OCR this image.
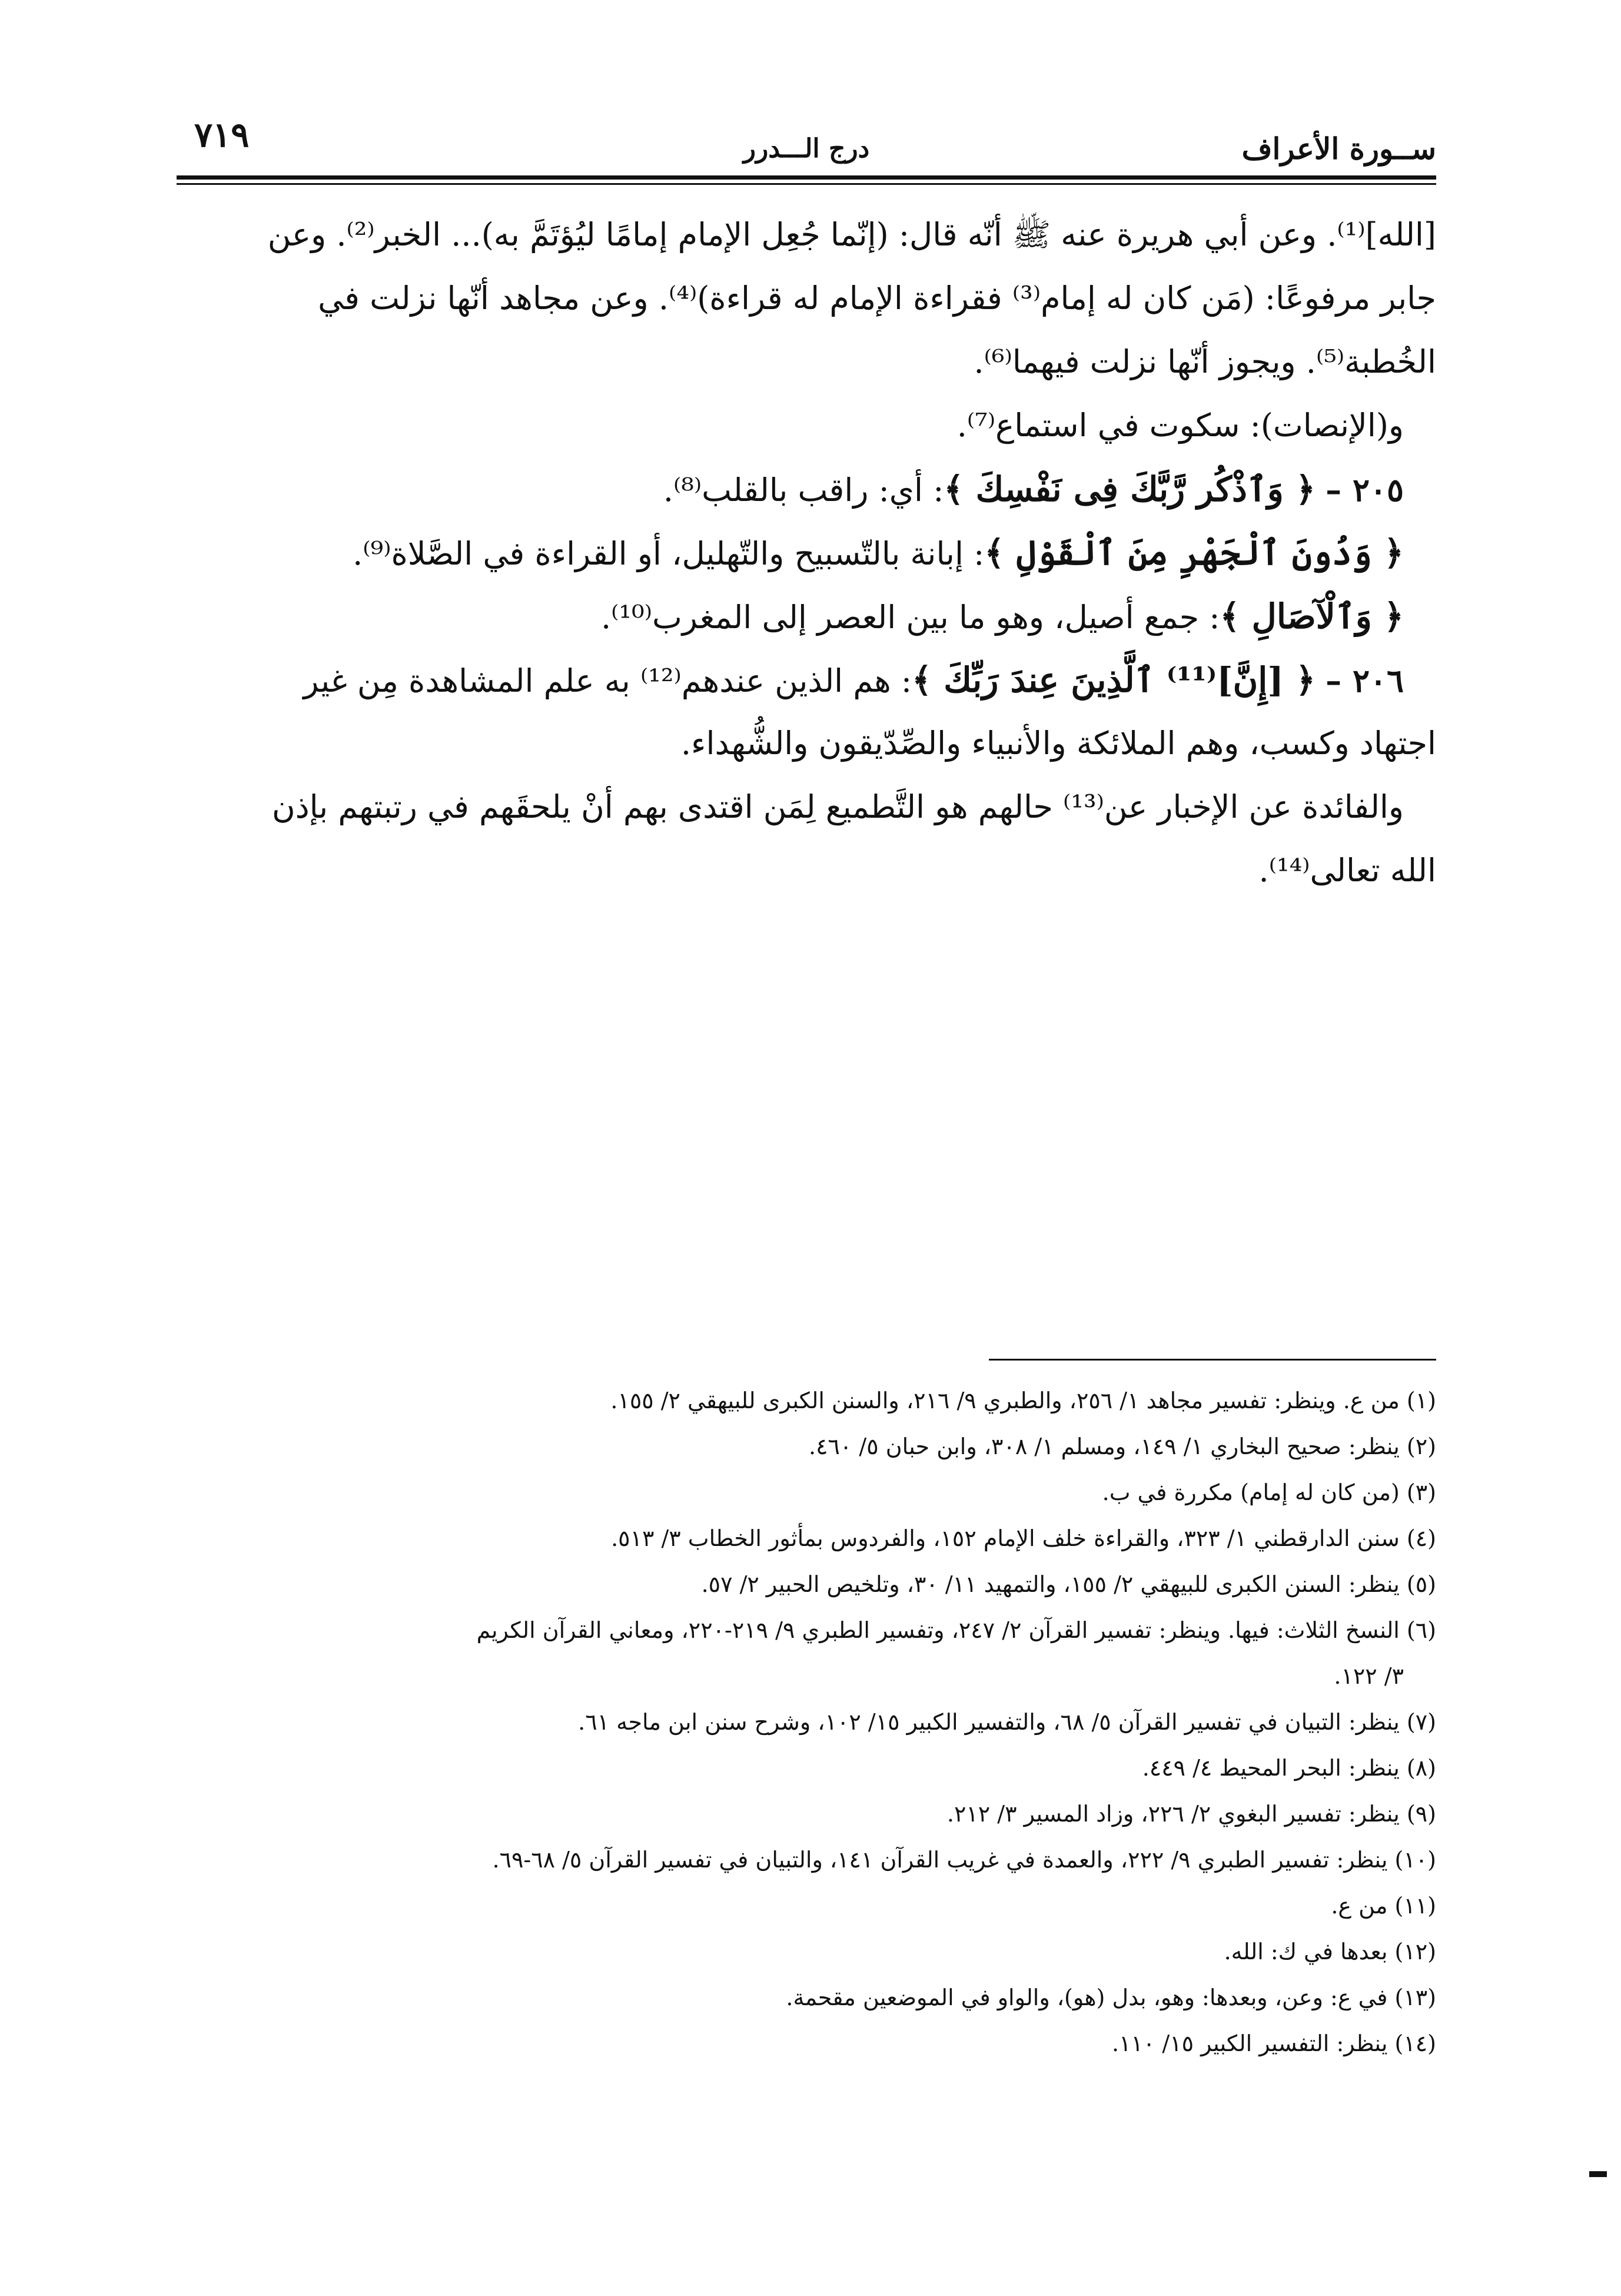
ســورة الأعراف
درج الـــدرر
٧١٩
[الله]⁽¹⁾. وعن أبي هريرة عنه ﷺ أنّه قال: (إنّما جُعِل الإمام إمامًا ليُؤتَمَّ به)... الخبر⁽²⁾. وعن
جابر مرفوعًا: (مَن كان له إمام⁽³⁾ فقراءة الإمام له قراءة)⁽⁴⁾. وعن مجاهد أنّها نزلت في
الخُطبة⁽⁵⁾. ويجوز أنّها نزلت فيهما⁽⁶⁾.
و(الإنصات): سكوت في استماع⁽⁷⁾.
٢٠٥ – ﴿ وَٱذْكُر رَّبَّكَ فِى نَفْسِكَ ﴾: أي: راقب بالقلب⁽⁸⁾.
﴿ وَدُونَ ٱلْجَهْرِ مِنَ ٱلْقَوْلِ ﴾: إبانة بالتّسبيح والتّهليل، أو القراءة في الصَّلاة⁽⁹⁾.
﴿ وَٱلْآصَالِ ﴾: جمع أصيل، وهو ما بين العصر إلى المغرب⁽¹⁰⁾.
٢٠٦ – ﴿ [إِنَّ]⁽¹¹⁾ ٱلَّذِينَ عِندَ رَبِّكَ ﴾: هم الذين عندهم⁽¹²⁾ به علم المشاهدة مِن غير
اجتهاد وكسب، وهم الملائكة والأنبياء والصِّدّيقون والشُّهداء.
والفائدة عن الإخبار عن⁽¹³⁾ حالهم هو التَّطميع لِمَن اقتدى بهم أنْ يلحقَهم في رتبتهم بإذن
الله تعالى⁽¹⁴⁾.
(١) من ع. وينظر: تفسير مجاهد ١/ ٢٥٦، والطبري ٩/ ٢١٦، والسنن الكبرى للبيهقي ٢/ ١٥٥.
(٢) ينظر: صحيح البخاري ١/ ١٤٩، ومسلم ١/ ٣٠٨، وابن حبان ٥/ ٤٦٠.
(٣) (من كان له إمام) مكررة في ب.
(٤) سنن الدارقطني ١/ ٣٢٣، والقراءة خلف الإمام ١٥٢، والفردوس بمأثور الخطاب ٣/ ٥١٣.
(٥) ينظر: السنن الكبرى للبيهقي ٢/ ١٥٥، والتمهيد ١١/ ٣٠، وتلخيص الحبير ٢/ ٥٧.
(٦) النسخ الثلاث: فيها. وينظر: تفسير القرآن ٢/ ٢٤٧، وتفسير الطبري ٩/ ٢١٩-٢٢٠، ومعاني القرآن الكريم
٣/ ١٢٢.
(٧) ينظر: التبيان في تفسير القرآن ٥/ ٦٨، والتفسير الكبير ١٥/ ١٠٢، وشرح سنن ابن ماجه ٦١.
(٨) ينظر: البحر المحيط ٤/ ٤٤٩.
(٩) ينظر: تفسير البغوي ٢/ ٢٢٦، وزاد المسير ٣/ ٢١٢.
(١٠) ينظر: تفسير الطبري ٩/ ٢٢٢، والعمدة في غريب القرآن ١٤١، والتبيان في تفسير القرآن ٥/ ٦٨-٦٩.
(١١) من ع.
(١٢) بعدها في ك: الله.
(١٣) في ع: وعن، وبعدها: وهو، بدل (هو)، والواو في الموضعين مقحمة.
(١٤) ينظر: التفسير الكبير ١٥/ ١١٠.
